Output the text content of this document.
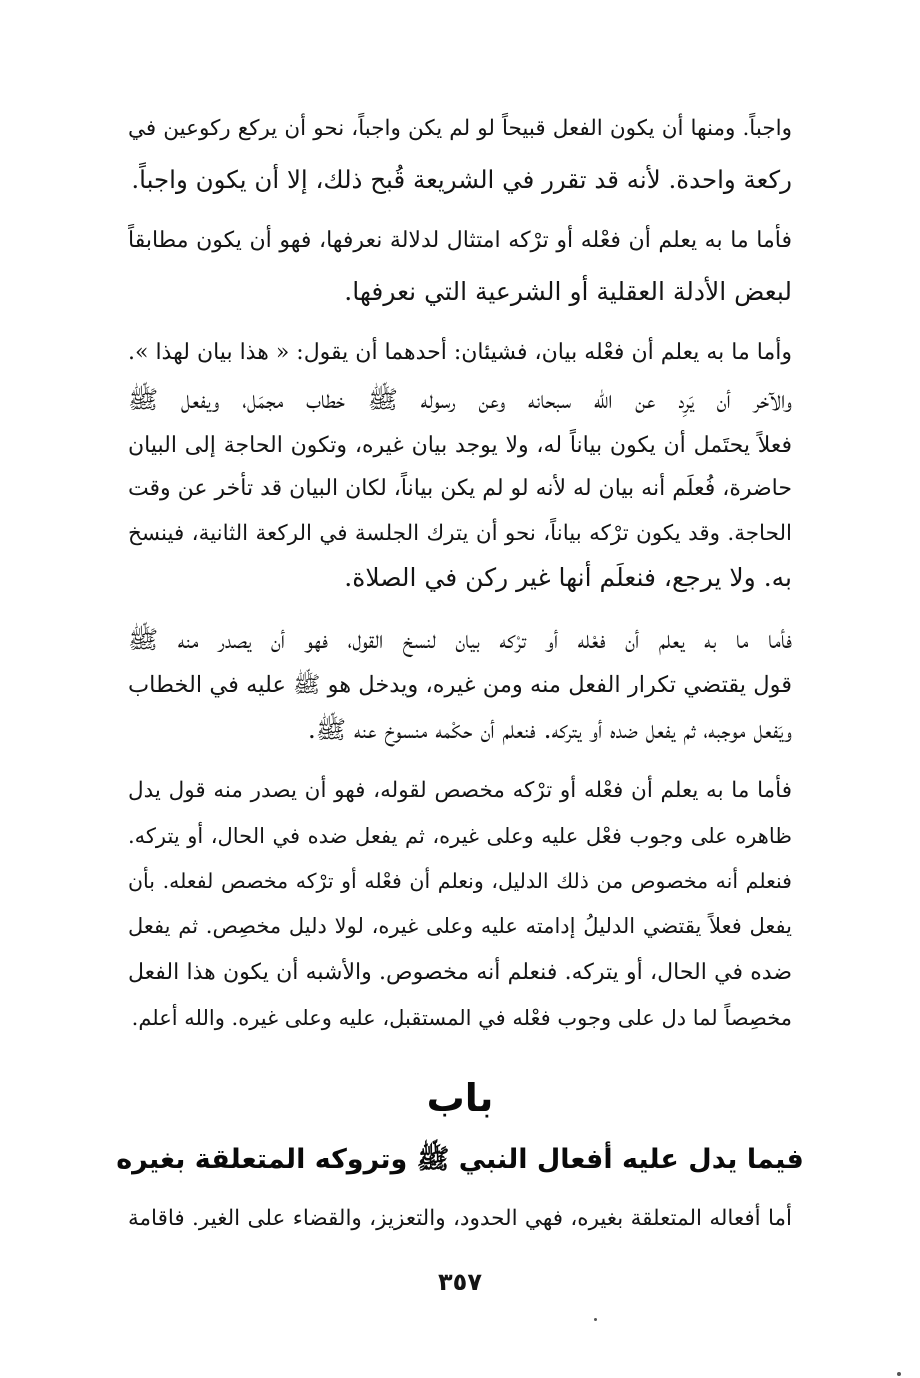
واجباً. ومنها أن يكون الفعل قبيحاً لو لم يكن واجباً، نحو أن يركع ركوعين في
ركعة واحدة. لأنه قد تقرر في الشريعة قُبح ذلك، إلا أن يكون واجباً.
فأما ما به يعلم أن فعْله أو ترْكه امتثال لدلالة نعرفها، فهو أن يكون مطابقاً
لبعض الأدلة العقلية أو الشرعية التي نعرفها.
وأما ما به يعلم أن فعْله بيان، فشيئان: أحدهما أن يقول: « هذا بيان لهذا ».
والآخر أن يَرِد عن الله سبحانه وعن رسوله ﷺ خطاب مجمَل، ويفعل ﷺ
فعلاً يحتَمل أن يكون بياناً له، ولا يوجد بيان غيره، وتكون الحاجة إلى البيان
حاضرة، فُعلَم أنه بيان له لأنه لو لم يكن بياناً، لكان البيان قد تأخر عن وقت
الحاجة. وقد يكون ترْكه بياناً، نحو أن يترك الجلسة في الركعة الثانية، فينسخ
به. ولا يرجع، فنعلَم أنها غير ركن في الصلاة.
فأما ما به يعلم أن فعْله أو ترْكه بيان لنسخ القول، فهو أن يصدر منه ﷺ
قول يقتضي تكرار الفعل منه ومن غيره، ويدخل هو ﷺ عليه في الخطاب
ويَفعل موجبه، ثم يفعل ضده أو يتركه. فنعلم أن حكْمه منسوخ عنه ﷺ.
فأما ما به يعلم أن فعْله أو ترْكه مخصص لقوله، فهو أن يصدر منه قول يدل
ظاهره على وجوب فعْل عليه وعلى غيره، ثم يفعل ضده في الحال، أو يتركه.
فنعلم أنه مخصوص من ذلك الدليل، ونعلم أن فعْله أو ترْكه مخصص لفعله. بأن
يفعل فعلاً يقتضي الدليلُ إدامته عليه وعلى غيره، لولا دليل مخصِص. ثم يفعل
ضده في الحال، أو يتركه. فنعلم أنه مخصوص. والأشبه أن يكون هذا الفعل
مخصِصاً لما دل على وجوب فعْله في المستقبل، عليه وعلى غيره. والله أعلم.
باب
فيما يدل عليه أفعال النبي ﷺ وتروكه المتعلقة بغيره
أما أفعاله المتعلقة بغيره، فهي الحدود، والتعزيز، والقضاء على الغير. فاقامة
٣٥٧
